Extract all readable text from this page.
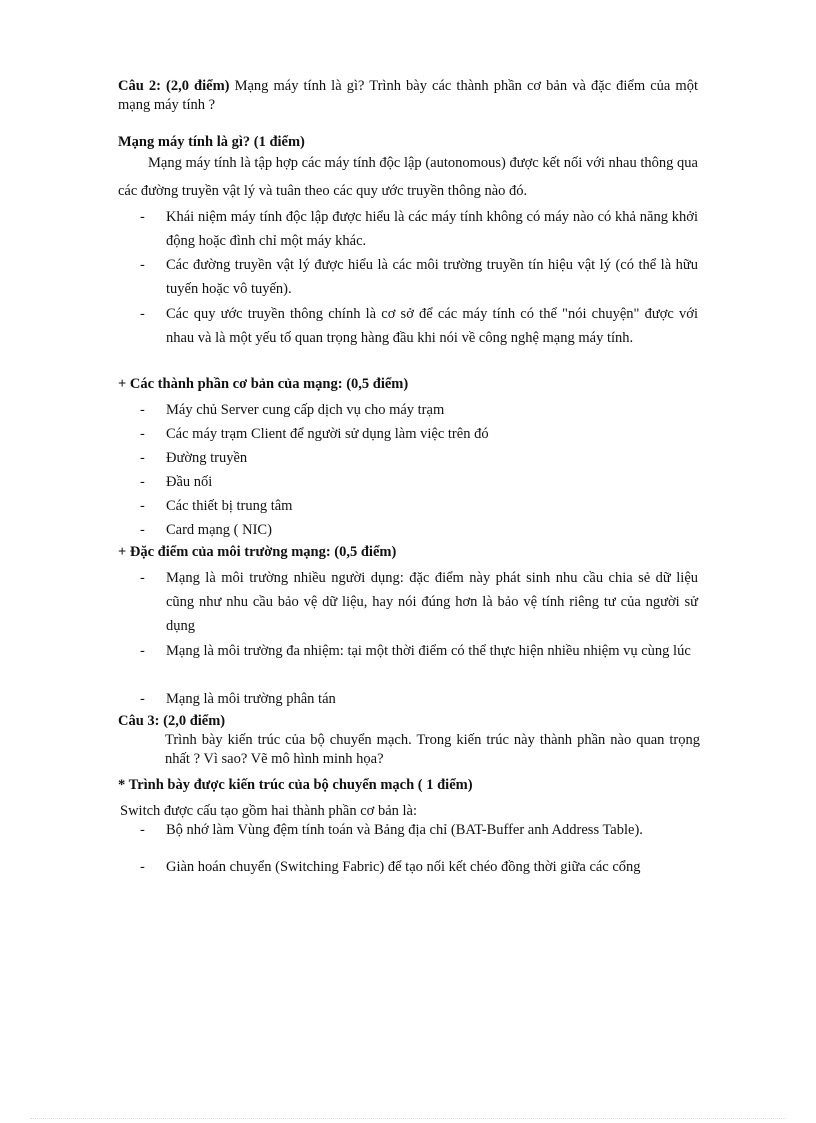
Câu 2: (2,0 điểm) Mạng máy tính là gì? Trình bày các thành phần cơ bản và đặc điểm của một mạng máy tính ?
Mạng máy tính là gì? (1 điểm)
Mạng máy tính là tập hợp các máy tính độc lập (autonomous) được kết nối với nhau thông qua các đường truyền vật lý và tuân theo các quy ước truyền thông nào đó.
-	Khái niệm máy tính độc lập được hiểu là các máy tính không có máy nào có khả năng khởi động hoặc đình chỉ một máy khác.
-	Các đường truyền vật lý được hiểu là các môi trường truyền tín hiệu vật lý (có thể là hữu tuyến hoặc vô tuyến).
-	Các quy ước truyền thông chính là cơ sở để các máy tính có thể "nói chuyện" được với nhau và là một yếu tố quan trọng hàng đầu khi nói về công nghệ mạng máy tính.
+ Các thành phần cơ bản của mạng: (0,5 điểm)
-	Máy chủ Server cung cấp dịch vụ cho máy trạm
-	Các máy trạm Client để người sử dụng làm việc trên đó
-	Đường truyền
-	Đầu nối
-	Các thiết bị trung tâm
-	Card mạng ( NIC)
+ Đặc điểm của môi trường mạng: (0,5 điểm)
-	Mạng là môi trường nhiều người dụng: đặc điểm này phát sinh nhu cầu chia sẻ dữ liệu cũng như nhu cầu bảo vệ dữ liệu, hay nói đúng hơn là bảo vệ tính riêng tư của người sử dụng
-	Mạng là môi trường đa nhiệm: tại một thời điểm có thể thực hiện nhiều nhiệm vụ cùng lúc
-	Mạng là môi trường phân tán
Câu 3: (2,0 điểm)
Trình bày kiến trúc của bộ chuyển mạch. Trong kiến trúc này thành phần nào quan trọng nhất ? Vì sao? Vẽ mô hình minh họa?
* Trình bày được kiến trúc của bộ chuyển mạch ( 1 điểm)
Switch được cấu tạo gồm hai thành phần cơ bản là:
-	Bộ nhớ làm Vùng đệm tính toán và Bảng địa chỉ (BAT-Buffer anh Address Table).
-	Giàn hoán chuyển (Switching Fabric) để tạo nối kết chéo đồng thời giữa các cổng
